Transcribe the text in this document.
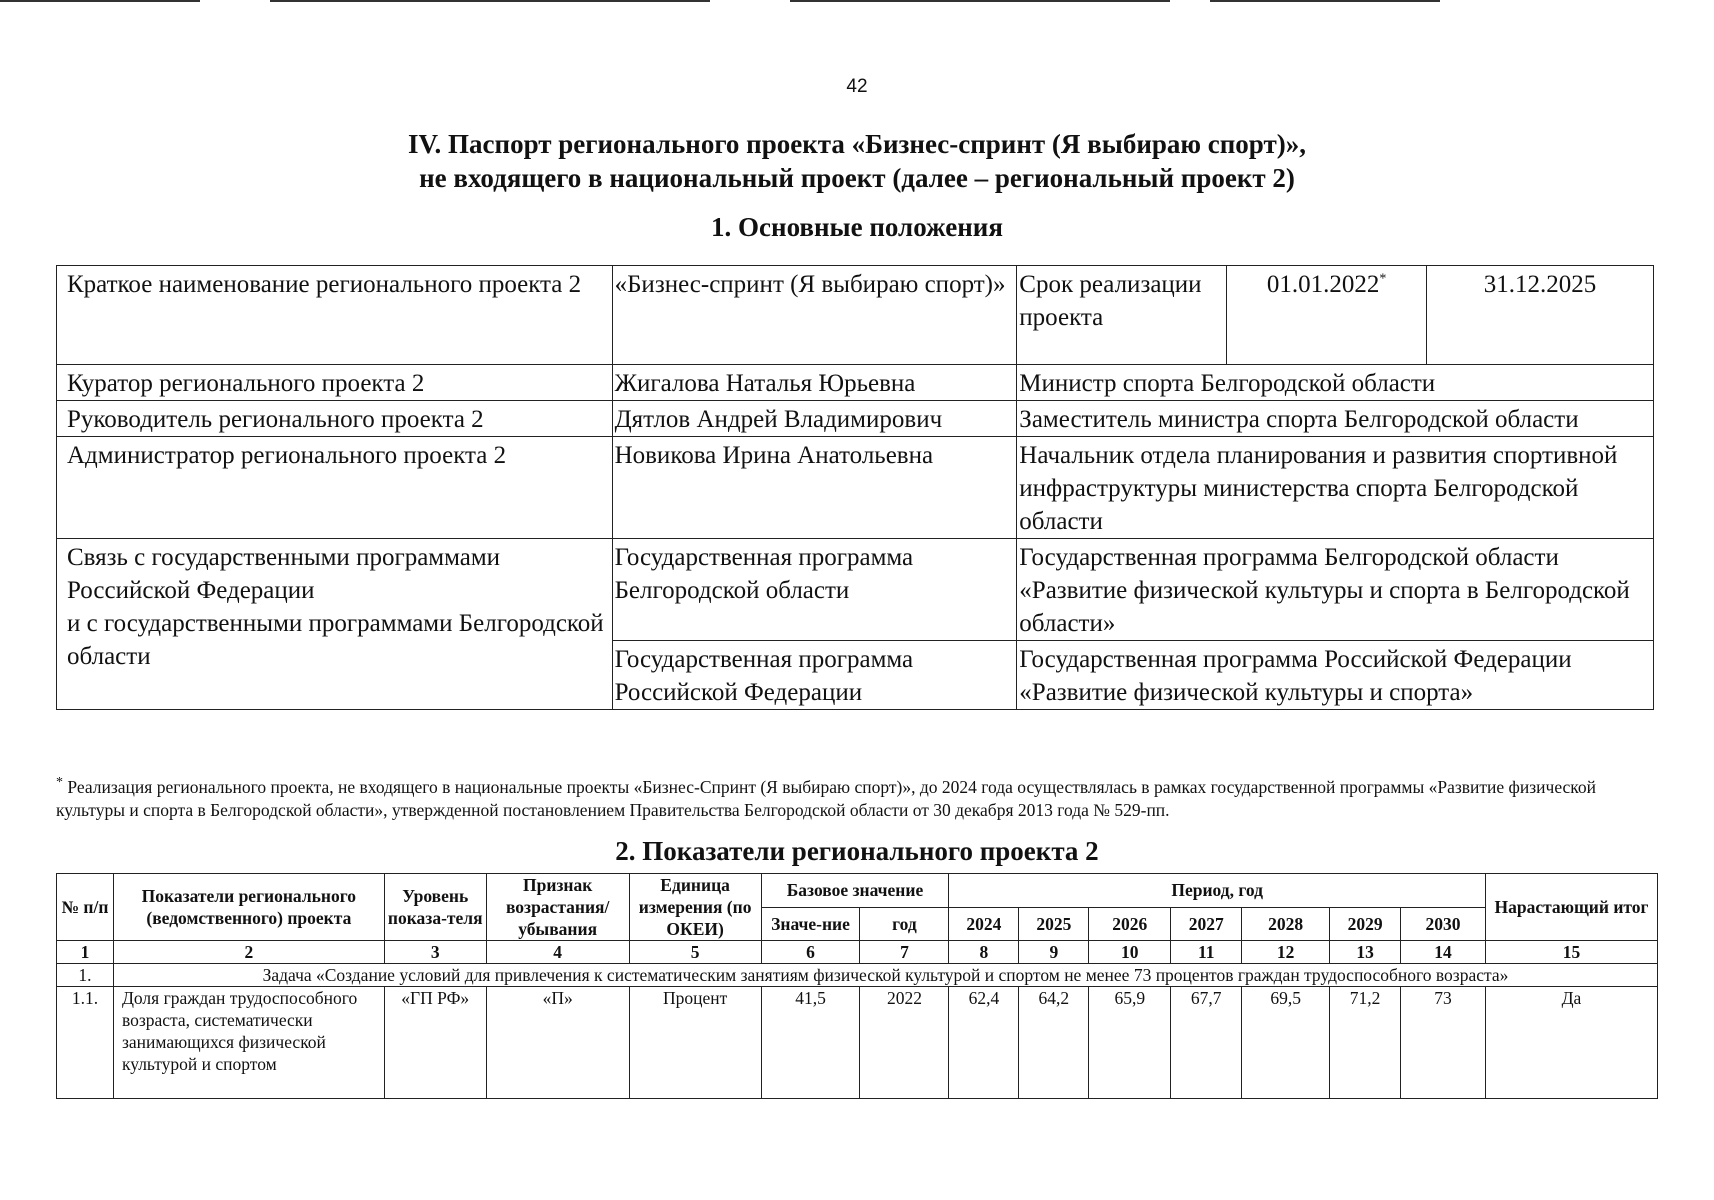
42
IV. Паспорт регионального проекта «Бизнес-спринт (Я выбираю спорт)»,
не входящего в национальный проект (далее – региональный проект 2)
1. Основные положения
Краткое наименование регионального проекта 2	«Бизнес-спринт (Я выбираю спорт)»	Срок реализации проекта	01.01.2022*	31.12.2025
Куратор регионального проекта 2	Жигалова Наталья Юрьевна	Министр спорта Белгородской области		
Руководитель регионального проекта 2	Дятлов Андрей Владимирович	Заместитель министра спорта Белгородской области		
Администратор регионального проекта 2	Новикова Ирина Анатольевна	Начальник отдела планирования и развития спортивной инфраструктуры министерства спорта Белгородской области		

Связь с государственными программами Российской Федерации
и с государственными программами Белгородской области	Государственная программа Белгородской области	Государственная программа Белгородской области «Развитие физической культуры и спорта в Белгородской области»		
	Государственная программа Российской Федерации	Государственная программа Российской Федерации «Развитие физической культуры и спорта»		
* Реализация регионального проекта, не входящего в национальные проекты «Бизнес-Спринт (Я выбираю спорт)», до 2024 года осуществлялась в рамках государственной программы «Развитие физической культуры и спорта в Белгородской области», утвержденной постановлением Правительства Белгородской области от 30 декабря 2013 года № 529-пп.
2. Показатели регионального проекта 2
№ п/п	Показатели регионального (ведомственного) проекта	Уровень показа-теля	Признак возрастания/ убывания	Единица измерения (по ОКЕИ)	Базовое значение		Период, год							Нарастающий итог
					Значе-ние	год	2024	2025	2026	2027	2028	2029	2030	
1	2	3	4	5	6	7	8	9	10	11	12	13	14	15
1.	Задача «Создание условий для привлечения к систематическим занятиям физической культурой и спортом не менее 73 процентов граждан трудоспособного возраста»													
1.1.	Доля граждан трудоспособного возраста, систематически занимающихся физической культурой и спортом	«ГП РФ»	«П»	Процент	41,5	2022	62,4	64,2	65,9	67,7	69,5	71,2	73	Да
